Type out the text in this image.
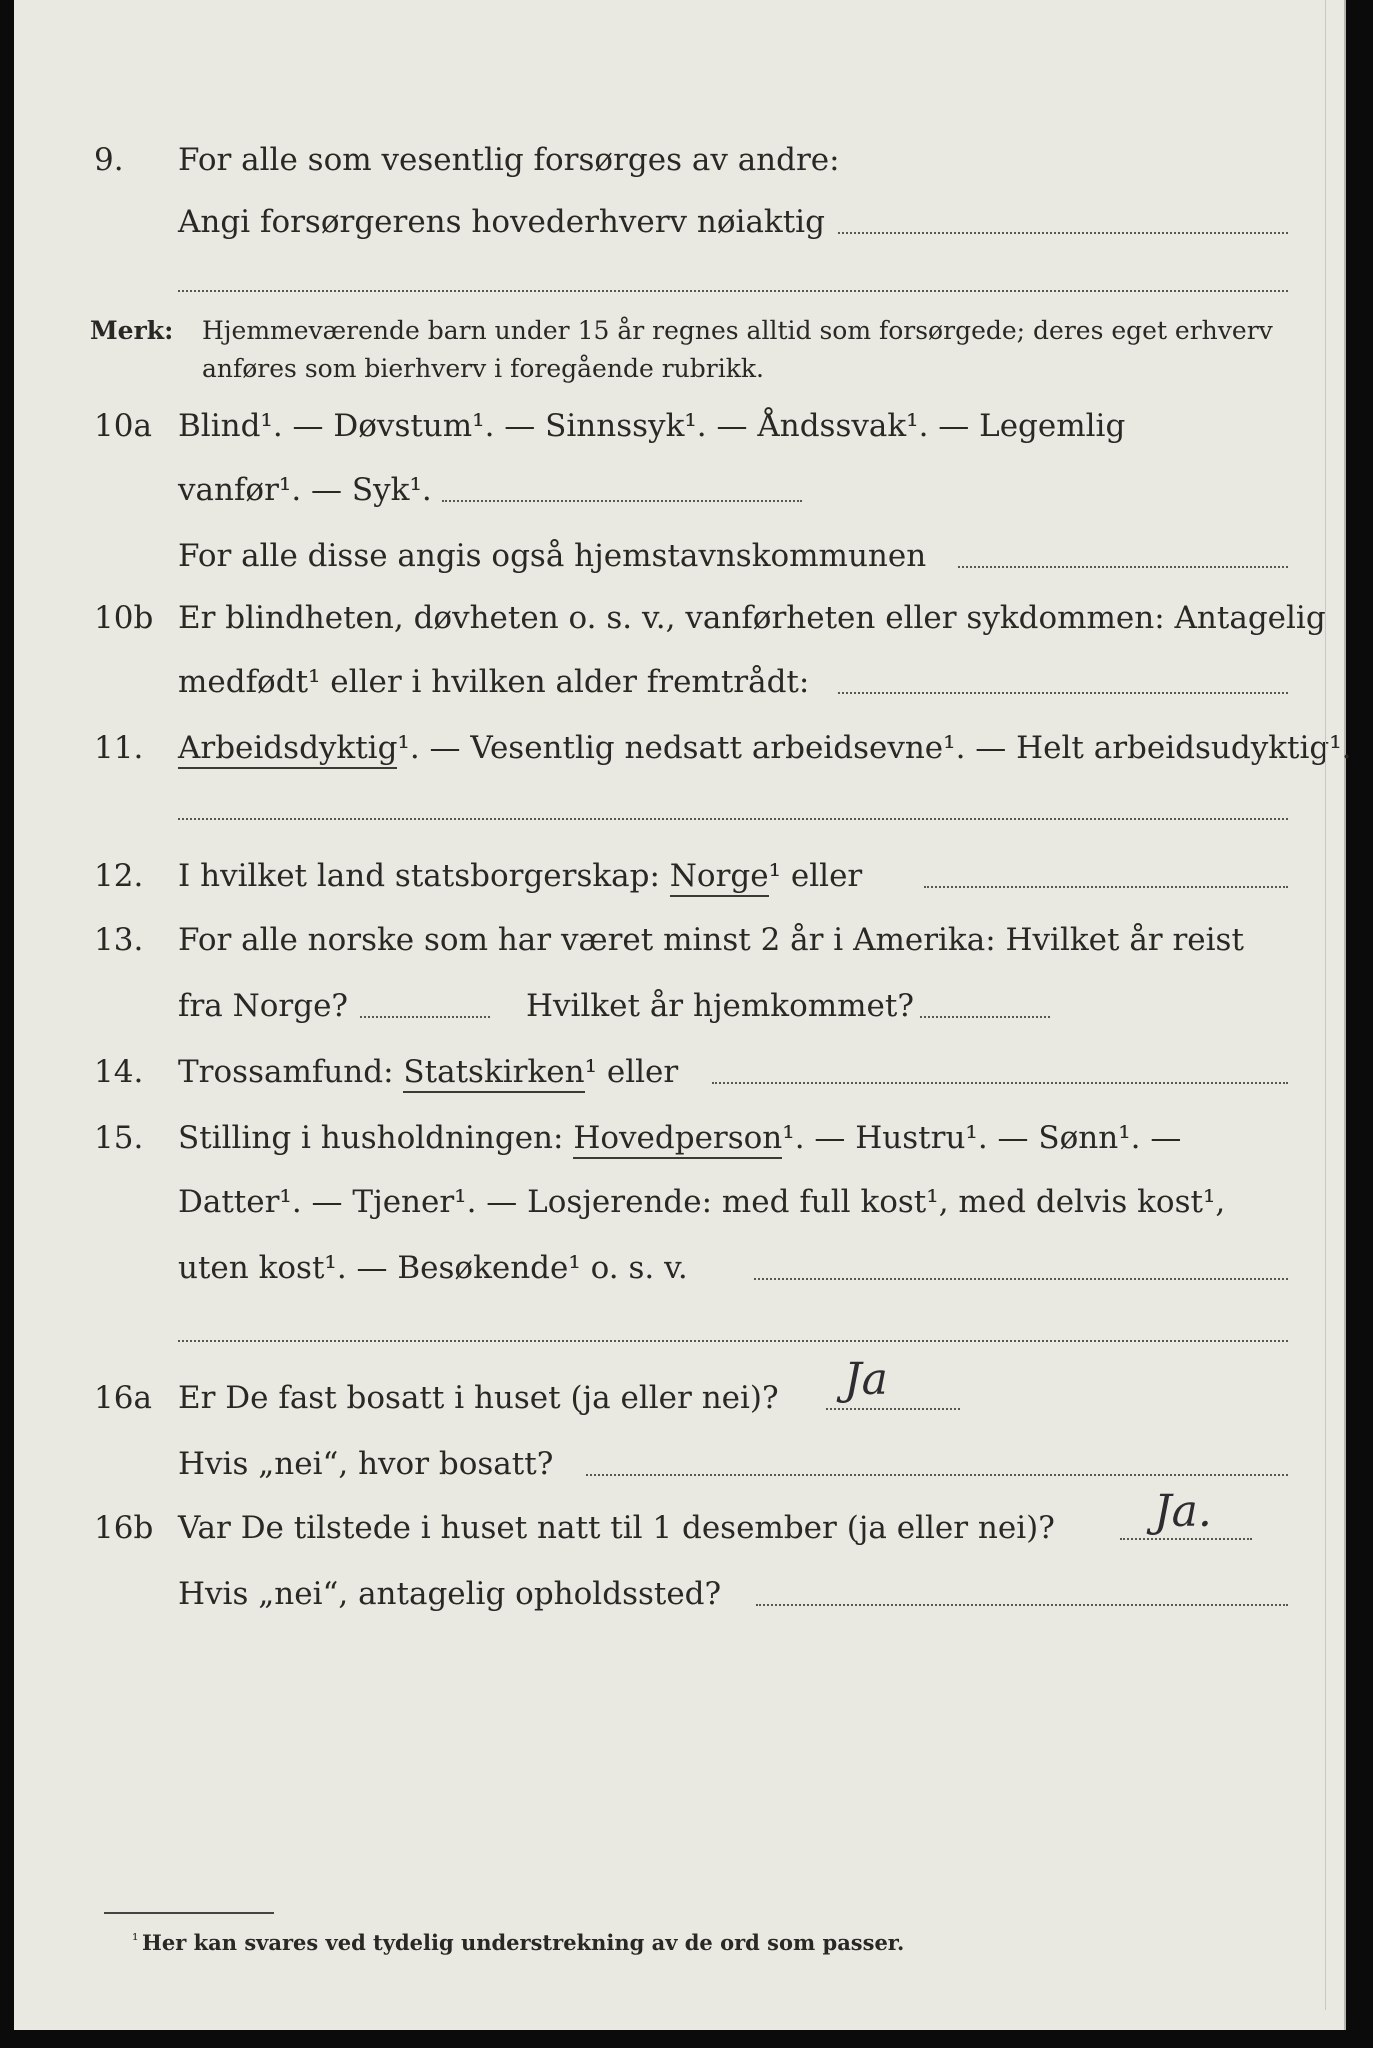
9. For alle som vesentlig forsørges av andre:
Angi forsørgerens hovederhverv nøiaktig
Merk: Hjemmeværende barn under 15 år regnes alltid som forsørgede; deres eget erhverv
anføres som bierhverv i foregående rubrikk.
10a Blind¹. — Døvstum¹. — Sinnssyk¹. — Åndssvak¹. — Legemlig
vanfør¹. — Syk¹.
For alle disse angis også hjemstavnskommunen
10b Er blindheten, døvheten o. s. v., vanførheten eller sykdommen: Antagelig
medfødt¹ eller i hvilken alder fremtrådt:
11. Arbeidsdyktig¹. — Vesentlig nedsatt arbeidsevne¹. — Helt arbeidsudyktig¹.
12. I hvilket land statsborgerskap: Norge¹ eller
13. For alle norske som har været minst 2 år i Amerika: Hvilket år reist
fra Norge?	Hvilket år hjemkommet?
14. Trossamfund: Statskirken¹ eller
15. Stilling i husholdningen: Hovedperson¹. — Hustru¹. — Sønn¹. —
Datter¹. — Tjener¹. — Losjerende: med full kost¹, med delvis kost¹,
uten kost¹. — Besøkende¹ o. s. v.
16a Er De fast bosatt i huset (ja eller nei)? Ja
Hvis „nei“, hvor bosatt?
16b Var De tilstede i huset natt til 1 desember (ja eller nei)? Ja.
Hvis „nei“, antagelig opholdssted?
¹ Her kan svares ved tydelig understrekning av de ord som passer.
